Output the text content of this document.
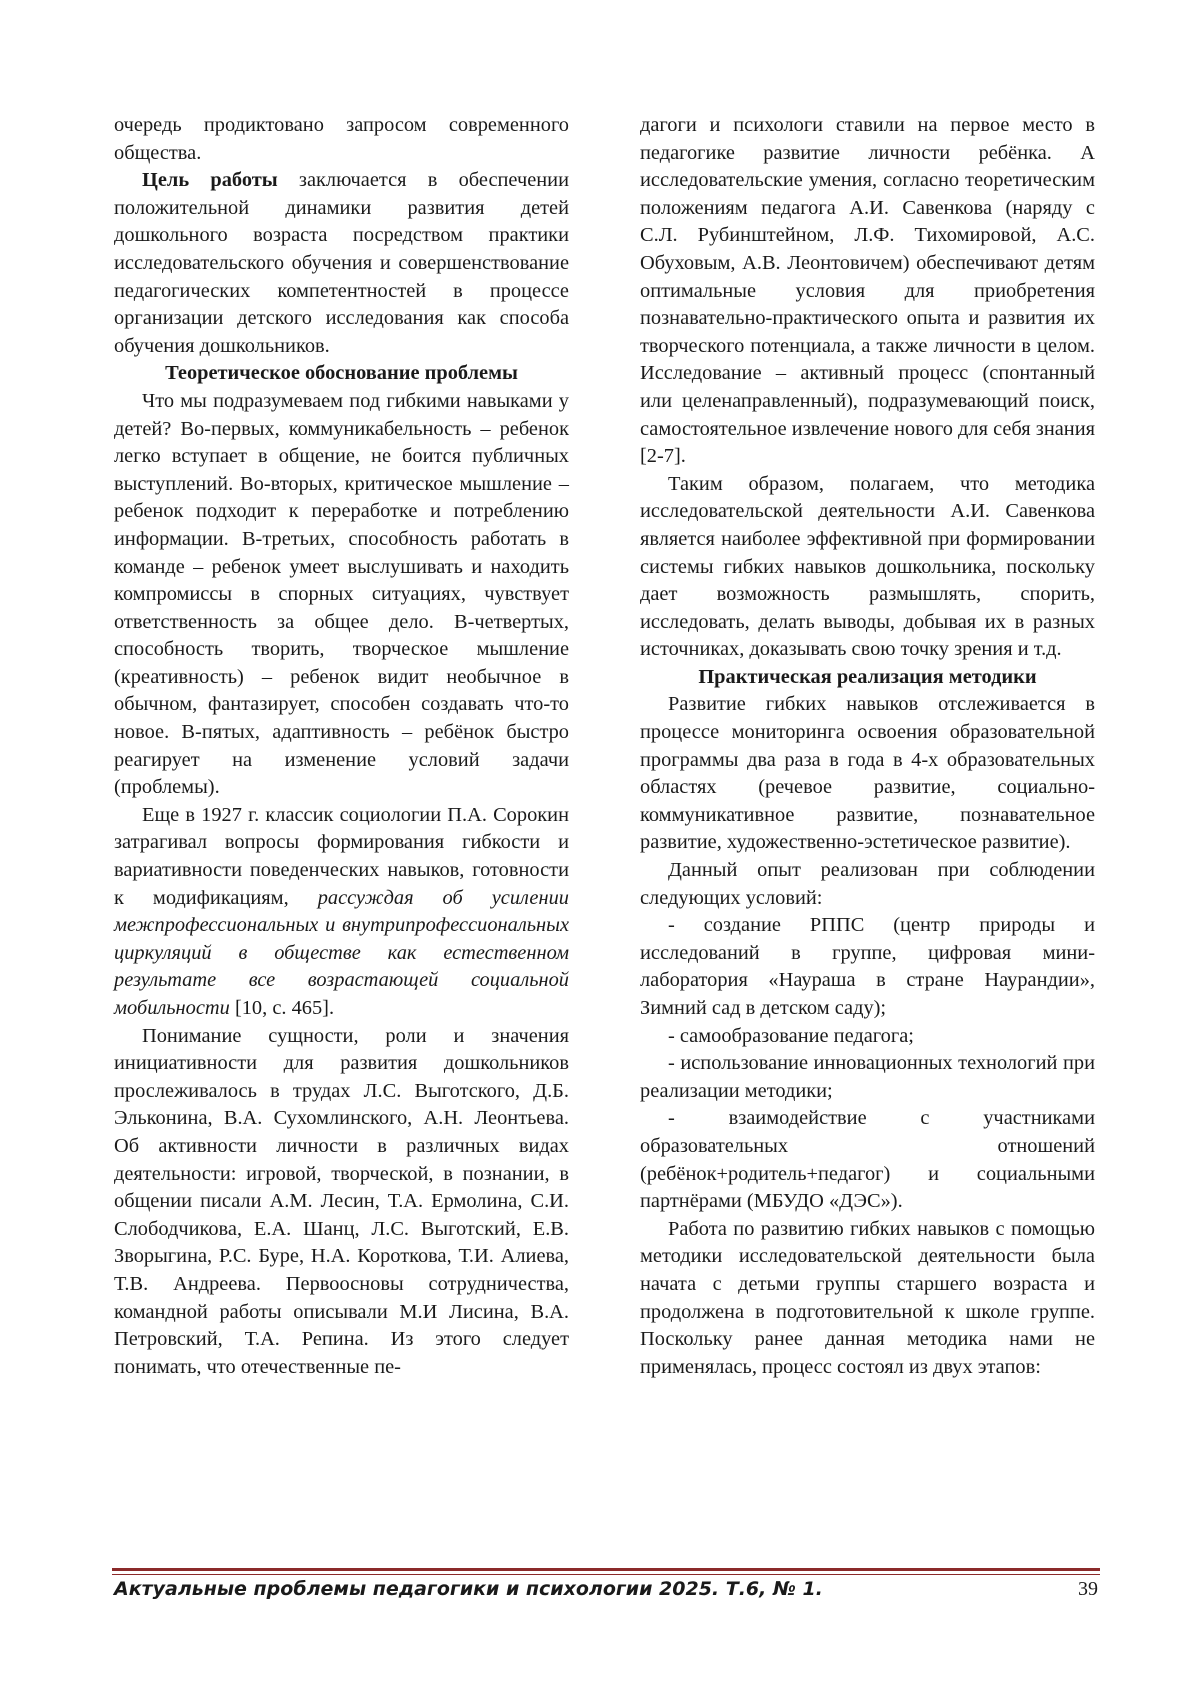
очередь продиктовано запросом современного общества.

Цель работы заключается в обеспечении положительной динамики развития детей дошкольного возраста посредством практики исследовательского обучения и совершенствование педагогических компетентностей в процессе организации детского исследования как способа обучения дошкольников.

Теоретическое обоснование проблемы

Что мы подразумеваем под гибкими навыками у детей? Во-первых, коммуникабельность – ребенок легко вступает в общение, не боится публичных выступлений. Во-вторых, критическое мышление – ребенок подходит к переработке и потреблению информации. В-третьих, способность работать в команде – ребенок умеет выслушивать и находить компромиссы в спорных ситуациях, чувствует ответственность за общее дело. В-четвертых, способность творить, творческое мышление (креативность) – ребенок видит необычное в обычном, фантазирует, способен создавать что-то новое. В-пятых, адаптивность – ребёнок быстро реагирует на изменение условий задачи (проблемы).

Еще в 1927 г. классик социологии П.А. Сорокин затрагивал вопросы формирования гибкости и вариативности поведенческих навыков, готовности к модификациям, рассуждая об усилении межпрофессиональных и внутрипрофессиональных циркуляций в обществе как естественном результате все возрастающей социальной мобильности [10, с. 465].

Понимание сущности, роли и значения инициативности для развития дошкольников прослеживалось в трудах Л.С. Выготского, Д.Б. Эльконина, В.А. Сухомлинского, А.Н. Леонтьева. Об активности личности в различных видах деятельности: игровой, творческой, в познании, в общении писали А.М. Лесин, Т.А. Ермолина, С.И. Слободчикова, Е.А. Шанц, Л.С. Выготский, Е.В. Зворыгина, Р.С. Буре, Н.А. Короткова, Т.И. Алиева, Т.В. Андреева. Первоосновы сотрудничества, командной работы описывали М.И Лисина, В.А. Петровский, Т.А. Репина. Из этого следует понимать, что отечественные пе-

дагоги и психологи ставили на первое место в педагогике развитие личности ребёнка. А исследовательские умения, согласно теоретическим положениям педагога А.И. Савенкова (наряду с С.Л. Рубинштейном, Л.Ф. Тихомировой, А.С. Обуховым, А.В. Леонтовичем) обеспечивают детям оптимальные условия для приобретения познавательно-практического опыта и развития их творческого потенциала, а также личности в целом. Исследование – активный процесс (спонтанный или целенаправленный), подразумевающий поиск, самостоятельное извлечение нового для себя знания [2-7].

Таким образом, полагаем, что методика исследовательской деятельности А.И. Савенкова является наиболее эффективной при формировании системы гибких навыков дошкольника, поскольку дает возможность размышлять, спорить, исследовать, делать выводы, добывая их в разных источниках, доказывать свою точку зрения и т.д.

Практическая реализация методики

Развитие гибких навыков отслеживается в процессе мониторинга освоения образовательной программы два раза в года в 4-х образовательных областях (речевое развитие, социально-коммуникативное развитие, познавательное развитие, художественно-эстетическое развитие).

Данный опыт реализован при соблюдении следующих условий:

- создание РППС (центр природы и исследований в группе, цифровая мини-лаборатория «Наураша в стране Наурандии», Зимний сад в детском саду);

- самообразование педагога;

- использование инновационных технологий при реализации методики;

- взаимодействие с участниками образовательных отношений (ребёнок+родитель+педагог) и социальными партнёрами (МБУДО «ДЭС»).

Работа по развитию гибких навыков с помощью методики исследовательской деятельности была начата с детьми группы старшего возраста и продолжена в подготовительной к школе группе. Поскольку ранее данная методика нами не применялась, процесс состоял из двух этапов:

Актуальные проблемы педагогики и психологии 2025. Т.6, № 1.	39
